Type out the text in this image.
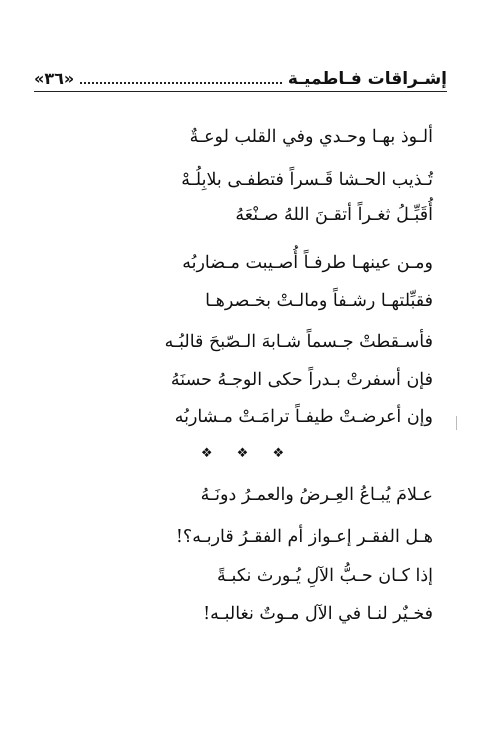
إشـراقات فـاطميـة
«٣٦»
ألـوذ بهـا وحـدي وفي القلب لوعـةٌ
تُـذيب الحـشا قَـسراً فتطفـى بلابِلُـهْ
أُقَبِّـلُ ثغـراً أتقـنَ اللهُ صـنْعَهُ
ومـن عينهـا طرفـاً أُصـيبت مـضاربُه
فقبِّلتهـا رشـفاً ومالـتْ بخـصرهـا
فأسـقطتْ جـسماً شـابهَ الـصّبحَ قالبُـه
فإن أسفرتْ بـدراً حكى الوجـهُ حسنَهُ
وإن أعرضـتْ طيفـاً ترامَـتْ مـشاربُه
❖ ❖ ❖
عـلامَ يُبـاعُ العِـرضُ والعمـرُ دونَـهُ
هـل الفقـر إعـواز أم الفقـرُ قاربـه؟!
إذا كـان حـبُّ الآلِ يُـورث نكبـةً
فخـيٌر لنـا في الآل مـوتٌ نغالبـه!
